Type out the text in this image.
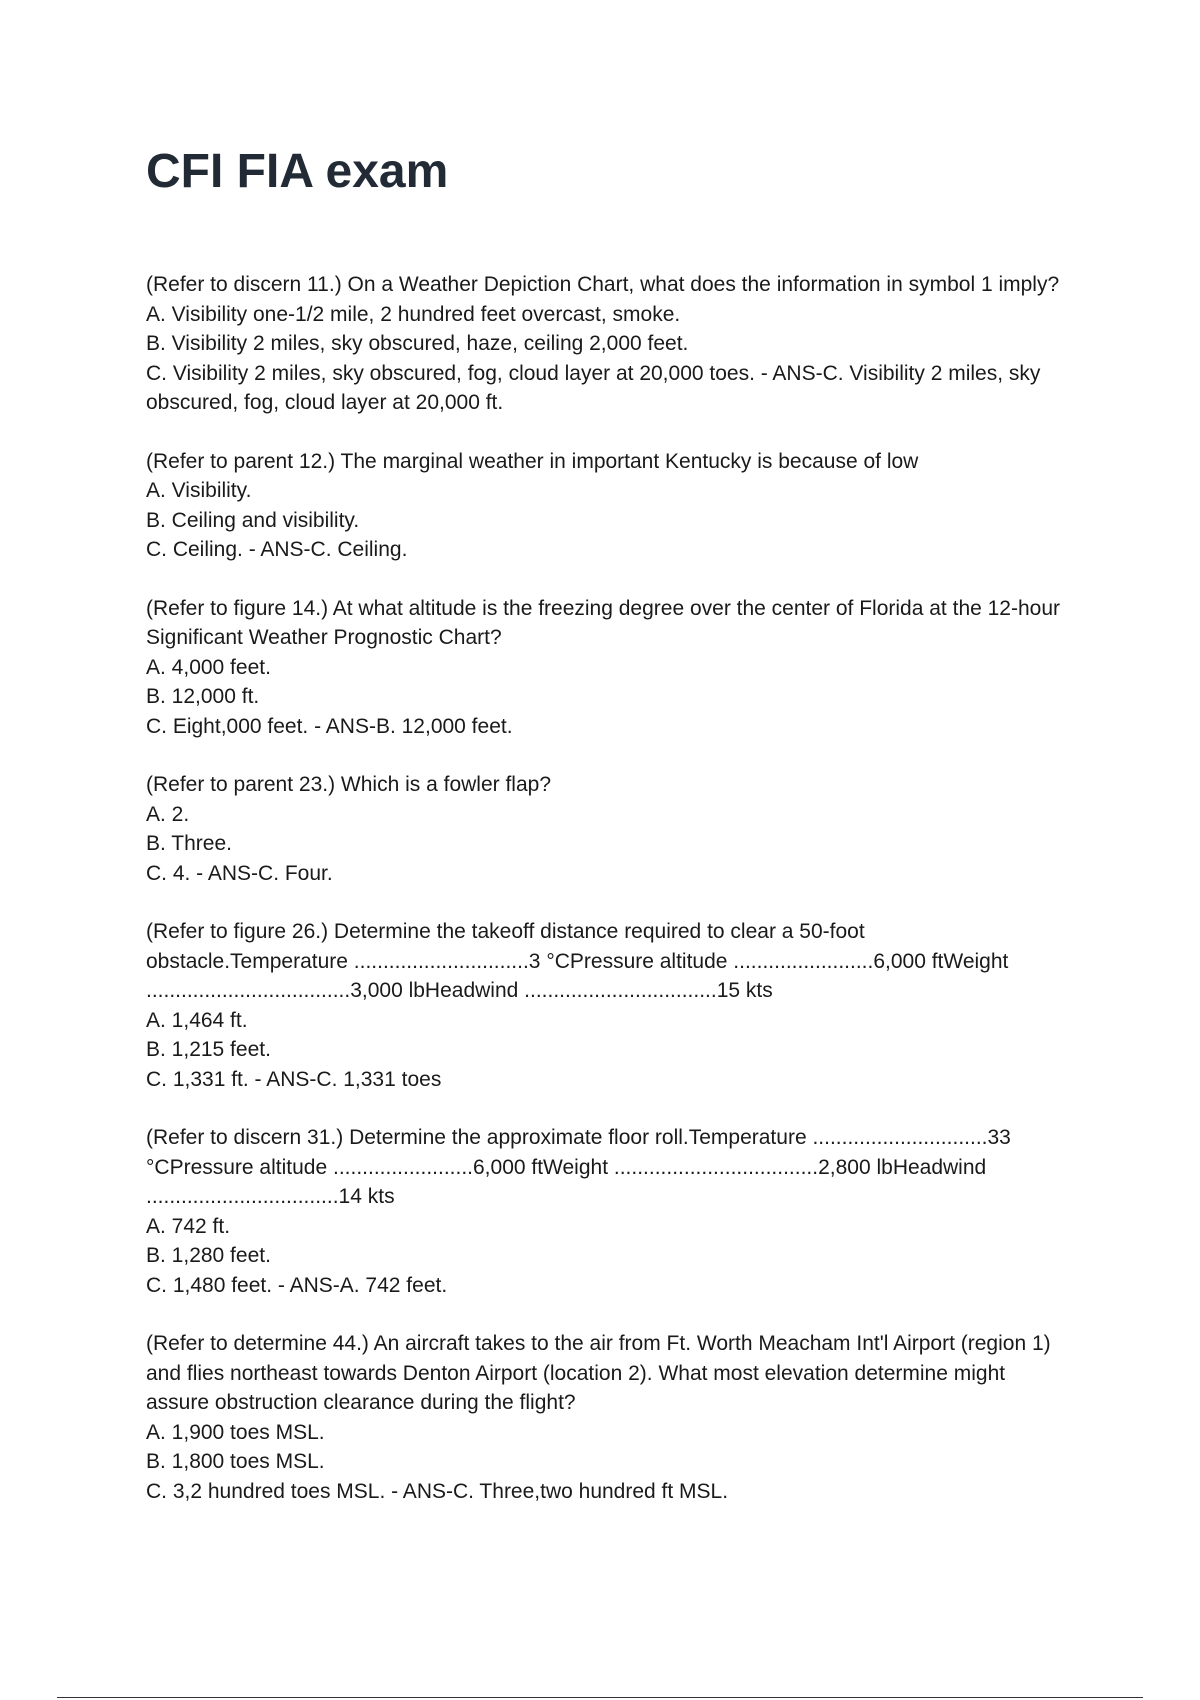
CFI FIA exam

(Refer to discern 11.) On a Weather Depiction Chart, what does the information in symbol 1 imply?

A. Visibility one-1/2 mile, 2 hundred feet overcast, smoke.

B. Visibility 2 miles, sky obscured, haze, ceiling 2,000 feet.

C. Visibility 2 miles, sky obscured, fog, cloud layer at 20,000 toes. - ANS-C. Visibility 2 miles, sky obscured, fog, cloud layer at 20,000 ft.

(Refer to parent 12.) The marginal weather in important Kentucky is because of low

A. Visibility.

B. Ceiling and visibility.

C. Ceiling. - ANS-C. Ceiling.

(Refer to figure 14.) At what altitude is the freezing degree over the center of Florida at the 12-hour Significant Weather Prognostic Chart?

A. 4,000 feet.

B. 12,000 ft.

C. Eight,000 feet. - ANS-B. 12,000 feet.

(Refer to parent 23.) Which is a fowler flap?

A. 2.

B. Three.

C. 4. - ANS-C. Four.

(Refer to figure 26.) Determine the takeoff distance required to clear a 50-foot obstacle.Temperature ..............................3 °CPressure altitude ........................6,000 ftWeight ...................................3,000 lbHeadwind .................................15 kts

A. 1,464 ft.

B. 1,215 feet.

C. 1,331 ft. - ANS-C. 1,331 toes

(Refer to discern 31.) Determine the approximate floor roll.Temperature ..............................33 °CPressure altitude ........................6,000 ftWeight ...................................2,800 lbHeadwind .................................14 kts

A. 742 ft.

B. 1,280 feet.

C. 1,480 feet. - ANS-A. 742 feet.

(Refer to determine 44.) An aircraft takes to the air from Ft. Worth Meacham Int'l Airport (region 1) and flies northeast towards Denton Airport (location 2). What most elevation determine might assure obstruction clearance during the flight?

A. 1,900 toes MSL.

B. 1,800 toes MSL.

C. 3,2 hundred toes MSL. - ANS-C. Three,two hundred ft MSL.
